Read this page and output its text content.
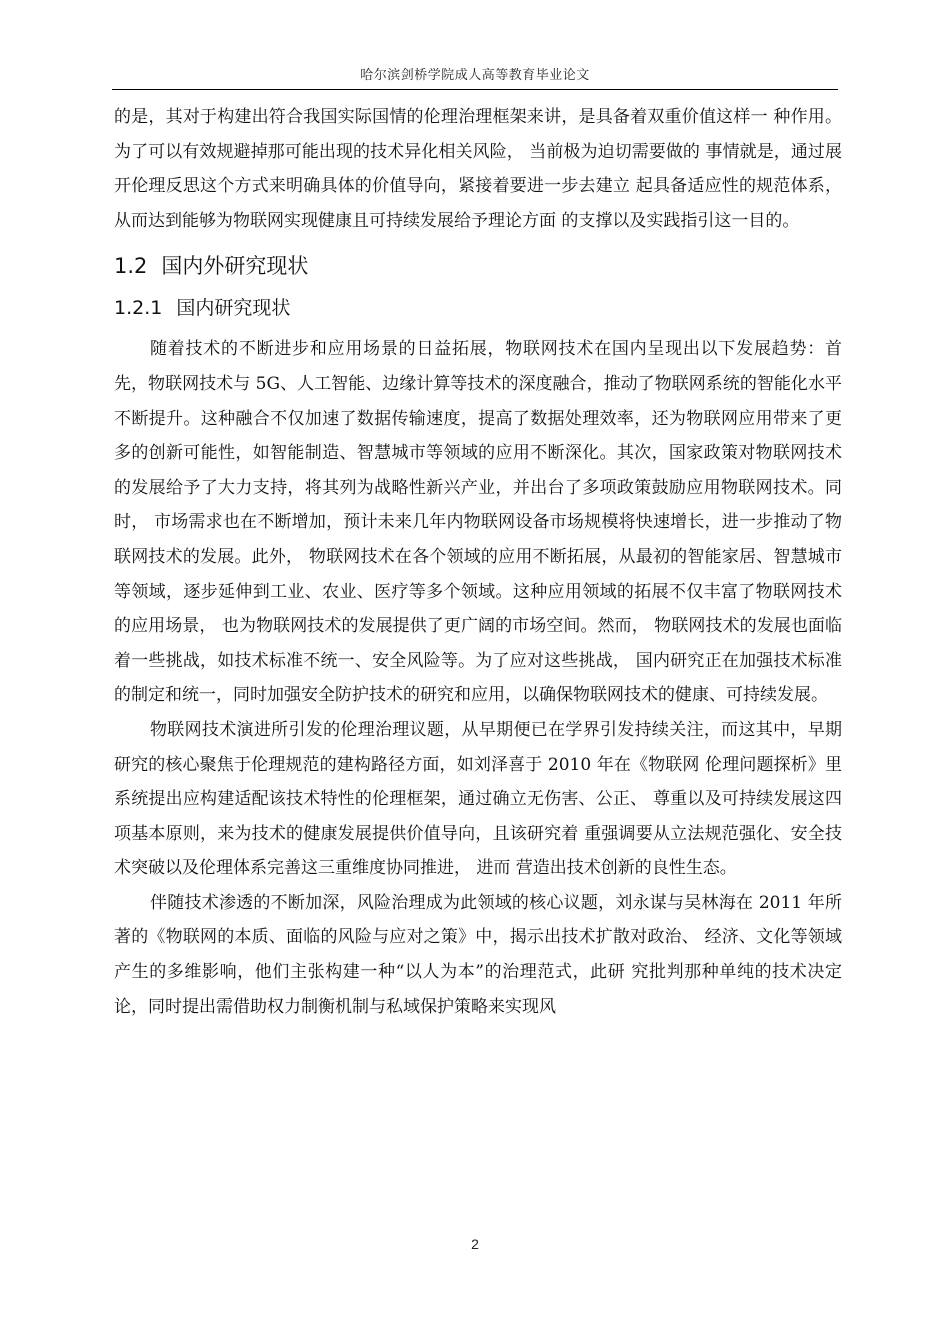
哈尔滨剑桥学院成人高等教育毕业论文

的是，其对于构建出符合我国实际国情的伦理治理框架来讲，是具备着双重价值这样一 种作用。为了可以有效规避掉那可能出现的技术异化相关风险， 当前极为迫切需要做的 事情就是，通过展开伦理反思这个方式来明确具体的价值导向，紧接着要进一步去建立 起具备适应性的规范体系，从而达到能够为物联网实现健康且可持续发展给予理论方面 的支撑以及实践指引这一目的。

1.2 国内外研究现状
1.2.1 国内研究现状

随着技术的不断进步和应用场景的日益拓展，物联网技术在国内呈现出以下发展趋势：首先，物联网技术与 5G、人工智能、边缘计算等技术的深度融合，推动了物联网系统的智能化水平不断提升。这种融合不仅加速了数据传输速度，提高了数据处理效率，还为物联网应用带来了更多的创新可能性，如智能制造、智慧城市等领域的应用不断深化。其次，国家政策对物联网技术的发展给予了大力支持，将其列为战略性新兴产业，并出台了多项政策鼓励应用物联网技术。同时， 市场需求也在不断增加，预计未来几年内物联网设备市场规模将快速增长，进一步推动了物联网技术的发展。此外， 物联网技术在各个领域的应用不断拓展，从最初的智能家居、智慧城市等领域，逐步延伸到工业、农业、医疗等多个领域。这种应用领域的拓展不仅丰富了物联网技术的应用场景， 也为物联网技术的发展提供了更广阔的市场空间。然而， 物联网技术的发展也面临着一些挑战，如技术标准不统一、安全风险等。为了应对这些挑战， 国内研究正在加强技术标准的制定和统一，同时加强安全防护技术的研究和应用，以确保物联网技术的健康、可持续发展。

物联网技术演进所引发的伦理治理议题，从早期便已在学界引发持续关注，而这其中，早期研究的核心聚焦于伦理规范的建构路径方面，如刘泽喜于 2010 年在《物联网 伦理问题探析》里系统提出应构建适配该技术特性的伦理框架，通过确立无伤害、公正、 尊重以及可持续发展这四项基本原则，来为技术的健康发展提供价值导向，且该研究着 重强调要从立法规范强化、安全技术突破以及伦理体系完善这三重维度协同推进， 进而 营造出技术创新的良性生态。

伴随技术渗透的不断加深，风险治理成为此领域的核心议题，刘永谋与吴林海在 2011 年所著的《物联网的本质、面临的风险与应对之策》中，揭示出技术扩散对政治、 经济、文化等领域产生的多维影响，他们主张构建一种“以人为本”的治理范式，此研 究批判那种单纯的技术决定论，同时提出需借助权力制衡机制与私域保护策略来实现风

2
